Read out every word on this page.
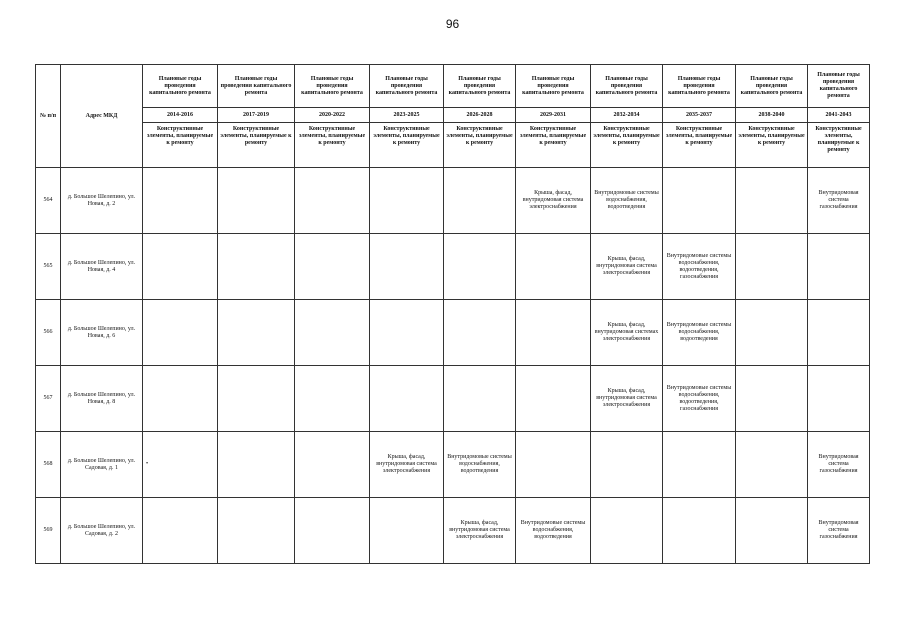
96
№ п/п	Адрес МКД	Плановые годы проведения капитального ремонта	Плановые годы проведения капитального ремонта	Плановые годы проведения капитального ремонта	Плановые годы проведения капитального ремонта	Плановые годы проведения капитального ремонта	Плановые годы проведения капитального ремонта	Плановые годы проведения капитального ремонта	Плановые годы проведения капитального ремонта	Плановые годы проведения капитального ремонта	Плановые годы проведения капитального ремонта
		2014-2016	2017-2019	2020-2022	2023-2025	2026-2028	2029-2031	2032-2034	2035-2037	2038-2040	2041-2043
		Конструктивные элементы, планируемые к ремонту	Конструктивные элементы, планируемые к ремонту	Конструктивные элементы, планируемые к ремонту	Конструктивные элементы, планируемые к ремонту	Конструктивные элементы, планируемые к ремонту	Конструктивные элементы, планируемые к ремонту	Конструктивные элементы, планируемые к ремонту	Конструктивные элементы, планируемые к ремонту	Конструктивные элементы, планируемые к ремонту	Конструктивные элементы, планируемые к ремонту
564	д. Большое Шелепино, ул. Новая, д. 2						Крыша, фасад, внутридомовая система электроснабжения	Внутридомовые системы водоснабжения, водоотведения			Внутридомовая система газоснабжения
565	д. Большое Шелепино, ул. Новая, д. 4							Крыша, фасад, внутридомовая система электроснабжения	Внутридомовые системы водоснабжения, водоотведения, газоснабжения		
566	д. Большое Шелепино, ул. Новая, д. 6							Крыша, фасад, внутридомовая системах электроснабжения	Внутридомовые системы водоснабжения, водоотведения		
567	д. Большое Шелепино, ул. Новая, д. 8							Крыша, фасад, внутридомовая система электроснабжения	Внутридомовые системы водоснабжения, водоотведения, газоснабжения		
568	д. Большое Шелепино, ул. Садовая, д. 1	•			Крыша, фасад, внутридомовая система электроснабжения	Внутридомовые системы водоснабжения, водоотведения					Внутридомовая система газоснабжения
569	д. Большое Шелепино, ул. Садовая, д. 2					Крыша, фасад, внутридомовая система электроснабжения	Внутридомовые системы водоснабжения, водоотведения				Внутридомовая система газоснабжения
